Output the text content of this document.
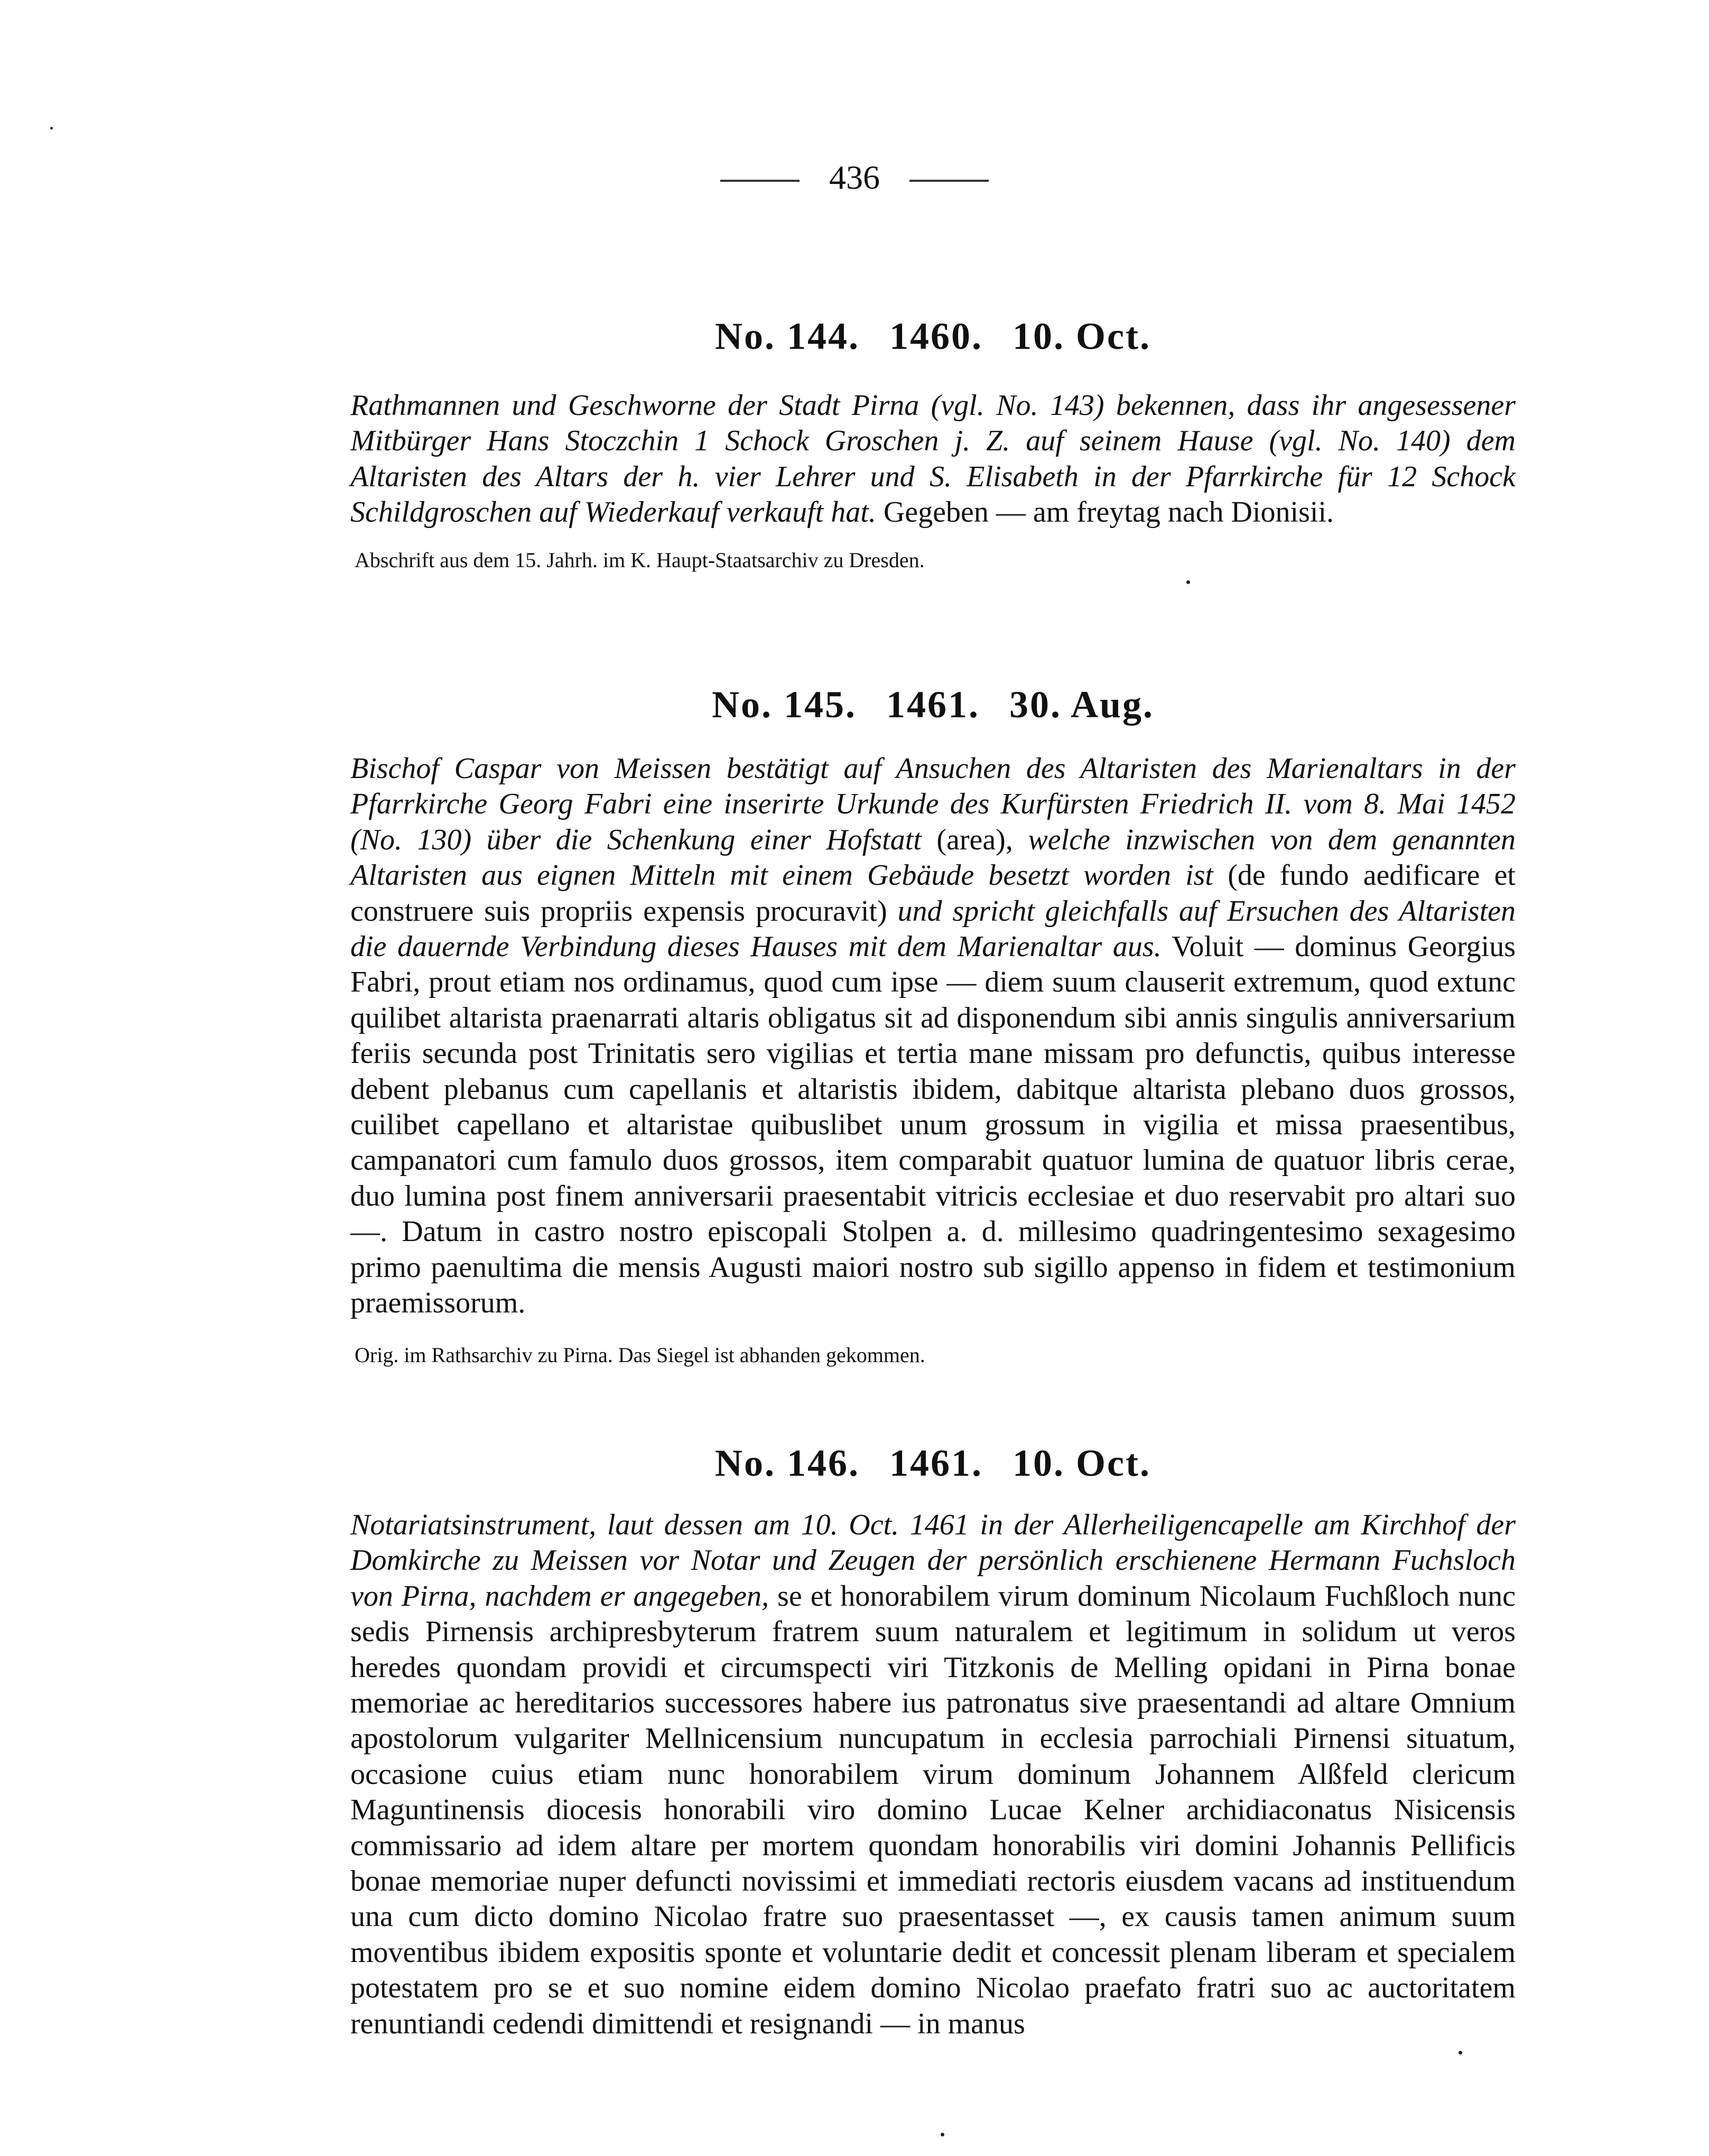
436
No. 144. 1460. 10. Oct.

Rathmannen und Geschworne der Stadt Pirna (vgl. No. 143) bekennen, dass ihr angesessener Mitbürger Hans Stoczchin 1 Schock Groschen j. Z. auf seinem Hause (vgl. No. 140) dem Altaristen des Altars der h. vier Lehrer und S. Elisabeth in der Pfarrkirche für 12 Schock Schildgroschen auf Wiederkauf verkauft hat. Gegeben — am freytag nach Dionisii.

Abschrift aus dem 15. Jahrh. im K. Haupt-Staatsarchiv zu Dresden.

No. 145. 1461. 30. Aug.

Bischof Caspar von Meissen bestätigt auf Ansuchen des Altaristen des Marienaltars in der Pfarrkirche Georg Fabri eine inserirte Urkunde des Kurfürsten Friedrich II. vom 8. Mai 1452 (No. 130) über die Schenkung einer Hofstatt (area), welche inzwischen von dem genannten Altaristen aus eignen Mitteln mit einem Gebäude besetzt worden ist (de fundo aedificare et construere suis propriis expensis procuravit) und spricht gleichfalls auf Ersuchen des Altaristen die dauernde Verbindung dieses Hauses mit dem Marienaltar aus. Voluit — dominus Georgius Fabri, prout etiam nos ordinamus, quod cum ipse — diem suum clauserit extremum, quod extunc quilibet altarista praenarrati altaris obligatus sit ad disponendum sibi annis singulis anniversarium feriis secunda post Trinitatis sero vigilias et tertia mane missam pro defunctis, quibus interesse debent plebanus cum capellanis et altaristis ibidem, dabitque altarista plebano duos grossos, cuilibet capellano et altaristae quibuslibet unum grossum in vigilia et missa praesentibus, campanatori cum famulo duos grossos, item comparabit quatuor lumina de quatuor libris cerae, duo lumina post finem anniversarii praesentabit vitricis ecclesiae et duo reservabit pro altari suo —. Datum in castro nostro episcopali Stolpen a. d. millesimo quadringentesimo sexagesimo primo paenultima die mensis Augusti maiori nostro sub sigillo appenso in fidem et testimonium praemissorum.

Orig. im Rathsarchiv zu Pirna. Das Siegel ist abhanden gekommen.

No. 146. 1461. 10. Oct.

Notariatsinstrument, laut dessen am 10. Oct. 1461 in der Allerheiligencapelle am Kirchhof der Domkirche zu Meissen vor Notar und Zeugen der persönlich erschienene Hermann Fuchsloch von Pirna, nachdem er angegeben, se et honorabilem virum dominum Nicolaum Fuchßloch nunc sedis Pirnensis archipresbyterum fratrem suum naturalem et legitimum in solidum ut veros heredes quondam providi et circumspecti viri Titzkonis de Melling opidani in Pirna bonae memoriae ac hereditarios successores habere ius patronatus sive praesentandi ad altare Omnium apostolorum vulgariter Mellnicensium nuncupatum in ecclesia parrochiali Pirnensi situatum, occasione cuius etiam nunc honorabilem virum dominum Johannem Alßfeld clericum Maguntinensis diocesis honorabili viro domino Lucae Kelner archidiaconatus Nisicensis commissario ad idem altare per mortem quondam honorabilis viri domini Johannis Pellificis bonae memoriae nuper defuncti novissimi et immediati rectoris eiusdem vacans ad instituendum una cum dicto domino Nicolao fratre suo praesentasset —, ex causis tamen animum suum moventibus ibidem expositis sponte et voluntarie dedit et concessit plenam liberam et specialem potestatem pro se et suo nomine eidem domino Nicolao praefato fratri suo ac auctoritatem renuntiandi cedendi dimittendi et resignandi — in manus
